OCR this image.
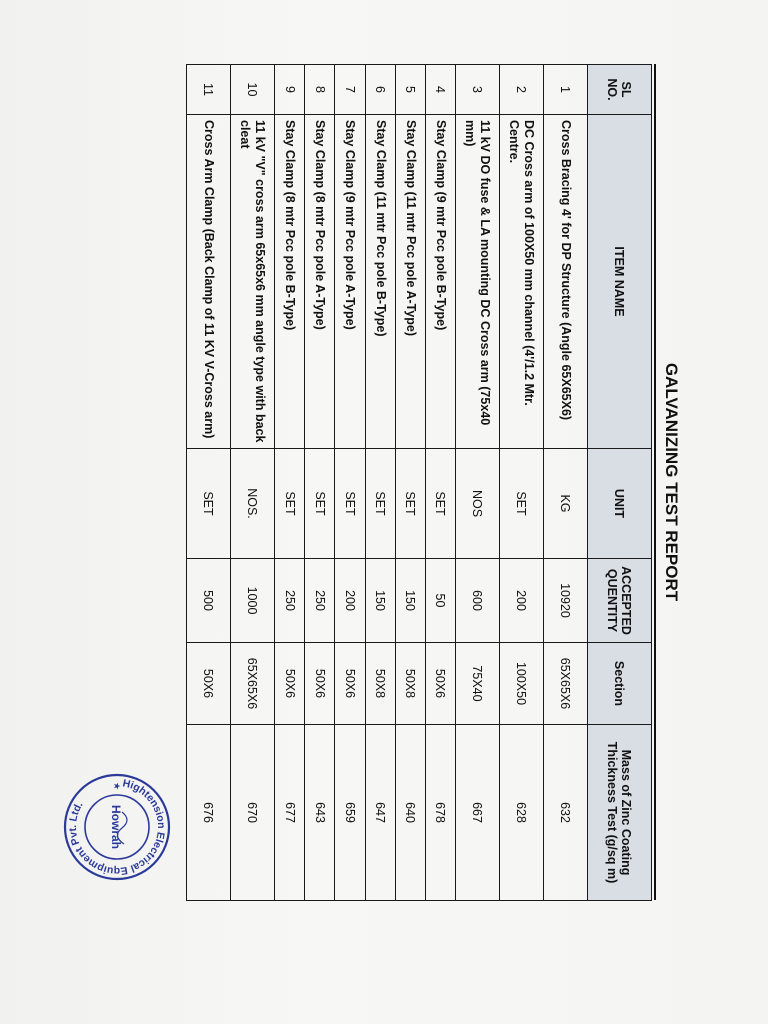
GALVANIZING TEST REPORT
SL NO.	ITEM NAME	UNIT	ACCEPTED QUENTITY	Section	Mass of Zinc Coating Thickness Test (g/sq m)
1	Cross Bracing 4' for DP Structure (Angle 65X65X6)	KG	10920	65X65X6	632
2	DC Cross arm of 100X50 mm channel (4'/1.2 Mtr. Centre.	SET	200	100X50	628
3	11 kV DO fuse & LA mounting DC Cross arm (75x40 mm)	NOS	600	75X40	667
4	Stay Clamp (9 mtr Pcc pole B-Type)	SET	50	50X6	678
5	Stay Clamp (11 mtr Pcc pole A-Type)	SET	150	50X8	640
6	Stay Clamp (11 mtr Pcc pole B-Type)	SET	150	50X8	647
7	Stay Clamp (9 mtr Pcc pole A-Type)	SET	200	50X6	659
8	Stay Clamp (8 mtr Pcc pole A-Type)	SET	250	50X6	643
9	Stay Clamp (8 mtr Pcc pole B-Type)	SET	250	50X6	677
10	11 kV "V" cross arm 65x65x6 mm angle type with back cleat	NOS.	1000	65X65X6	670
11	Cross Arm Clamp (Back Clamp of 11 KV V-Cross arm)	SET	500	50X6	676
Hightension Electrical Equipment Pvt. Ltd.
Howrah
★
